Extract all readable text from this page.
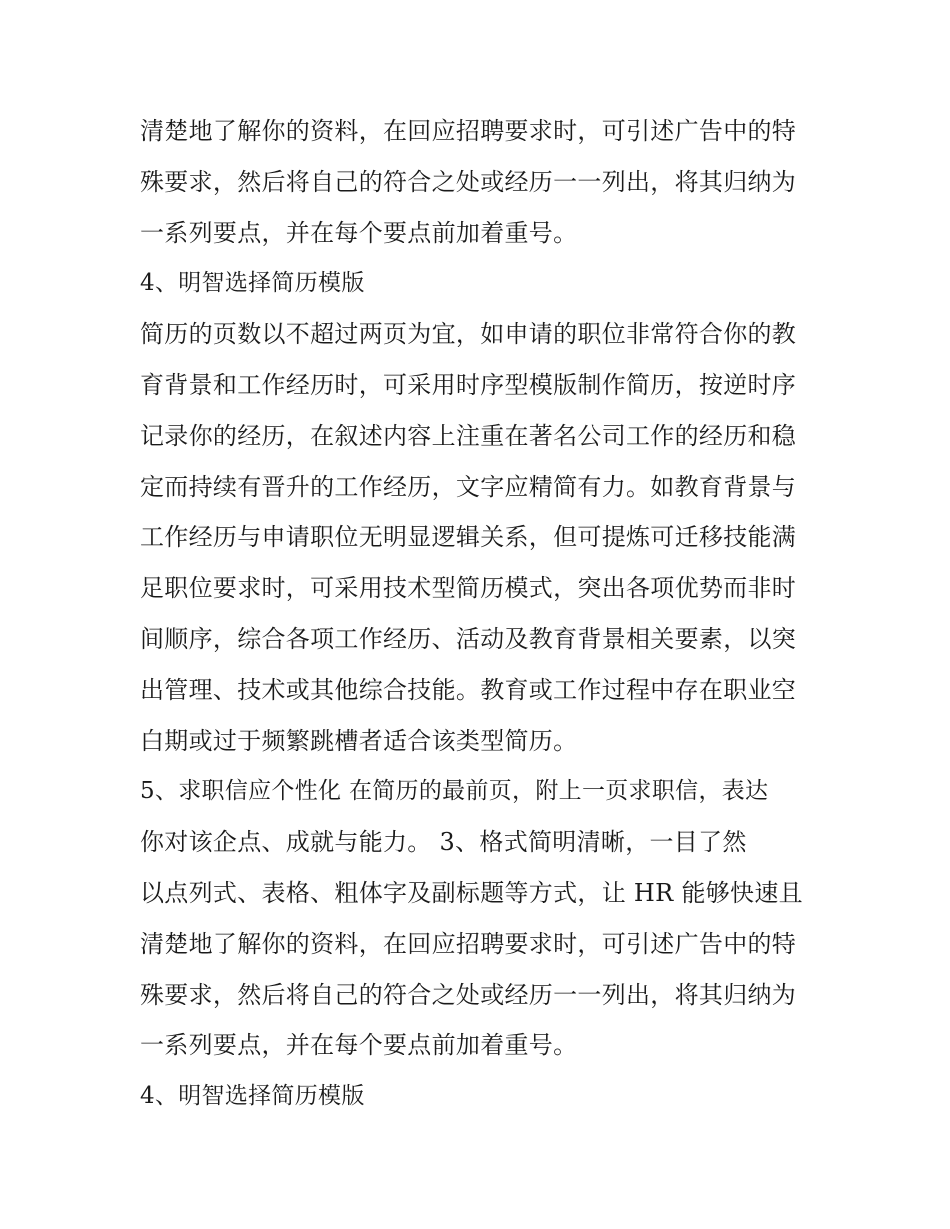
清楚地了解你的资料，在回应招聘要求时，可引述广告中的特
殊要求，然后将自己的符合之处或经历一一列出，将其归纳为
一系列要点，并在每个要点前加着重号。
4、明智选择简历模版
简历的页数以不超过两页为宜，如申请的职位非常符合你的教
育背景和工作经历时，可采用时序型模版制作简历，按逆时序
记录你的经历，在叙述内容上注重在著名公司工作的经历和稳
定而持续有晋升的工作经历，文字应精简有力。如教育背景与
工作经历与申请职位无明显逻辑关系，但可提炼可迁移技能满
足职位要求时，可采用技术型简历模式，突出各项优势而非时
间顺序，综合各项工作经历、活动及教育背景相关要素，以突
出管理、技术或其他综合技能。教育或工作过程中存在职业空
白期或过于频繁跳槽者适合该类型简历。
5、求职信应个性化 在简历的最前页，附上一页求职信，表达
你对该企点、成就与能力。 3、格式简明清晰，一目了然
以点列式、表格、粗体字及副标题等方式，让 HR 能够快速且
清楚地了解你的资料，在回应招聘要求时，可引述广告中的特
殊要求，然后将自己的符合之处或经历一一列出，将其归纳为
一系列要点，并在每个要点前加着重号。
4、明智选择简历模版
